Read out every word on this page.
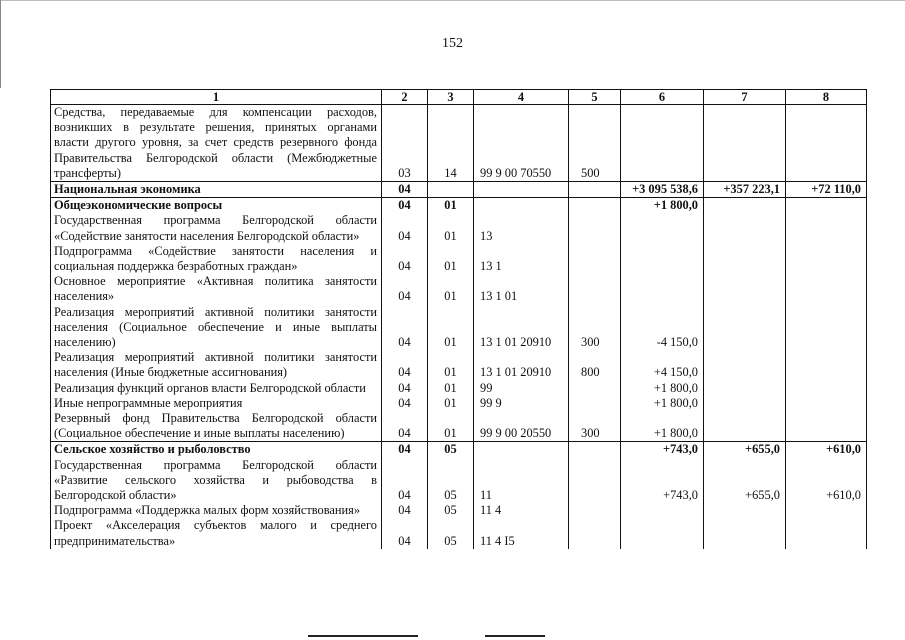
152
1	2	3	4	5	6	7	8
Средства, передаваемые для компенсации расходов, возникших в результате решения, принятых органами власти другого уровня, за счет средств резервного фонда Правительства Белгородской области (Межбюджетные трансферты)	03	14	99 9 00 70550	500			
Национальная экономика	04				+3 095 538,6	+357 223,1	+72 110,0
Общеэкономические вопросы	04	01			+1 800,0		
Государственная программа Белгородской области «Содействие занятости населения Белгородской области»	04	01	13				
Подпрограмма «Содействие занятости населения и социальная поддержка безработных граждан»	04	01	13 1				
Основное мероприятие «Активная политика занятости населения»	04	01	13 1 01				
Реализация мероприятий активной политики занятости населения (Социальное обеспечение и иные выплаты населению)	04	01	13 1 01 20910	300	-4 150,0		
Реализация мероприятий активной политики занятости населения (Иные бюджетные ассигнования)	04	01	13 1 01 20910	800	+4 150,0		
Реализация функций органов власти Белгородской области	04	01	99		+1 800,0		
Иные непрограммные мероприятия	04	01	99 9		+1 800,0		
Резервный фонд Правительства Белгородской области (Социальное обеспечение и иные выплаты населению)	04	01	99 9 00 20550	300	+1 800,0		
Сельское хозяйство и рыболовство	04	05			+743,0	+655,0	+610,0
Государственная программа Белгородской области «Развитие сельского хозяйства и рыбоводства в Белгородской области»	04	05	11		+743,0	+655,0	+610,0
Подпрограмма «Поддержка малых форм хозяйствования»	04	05	11 4				
Проект «Акселерация субъектов малого и среднего предпринимательства»	04	05	11 4 I5				
